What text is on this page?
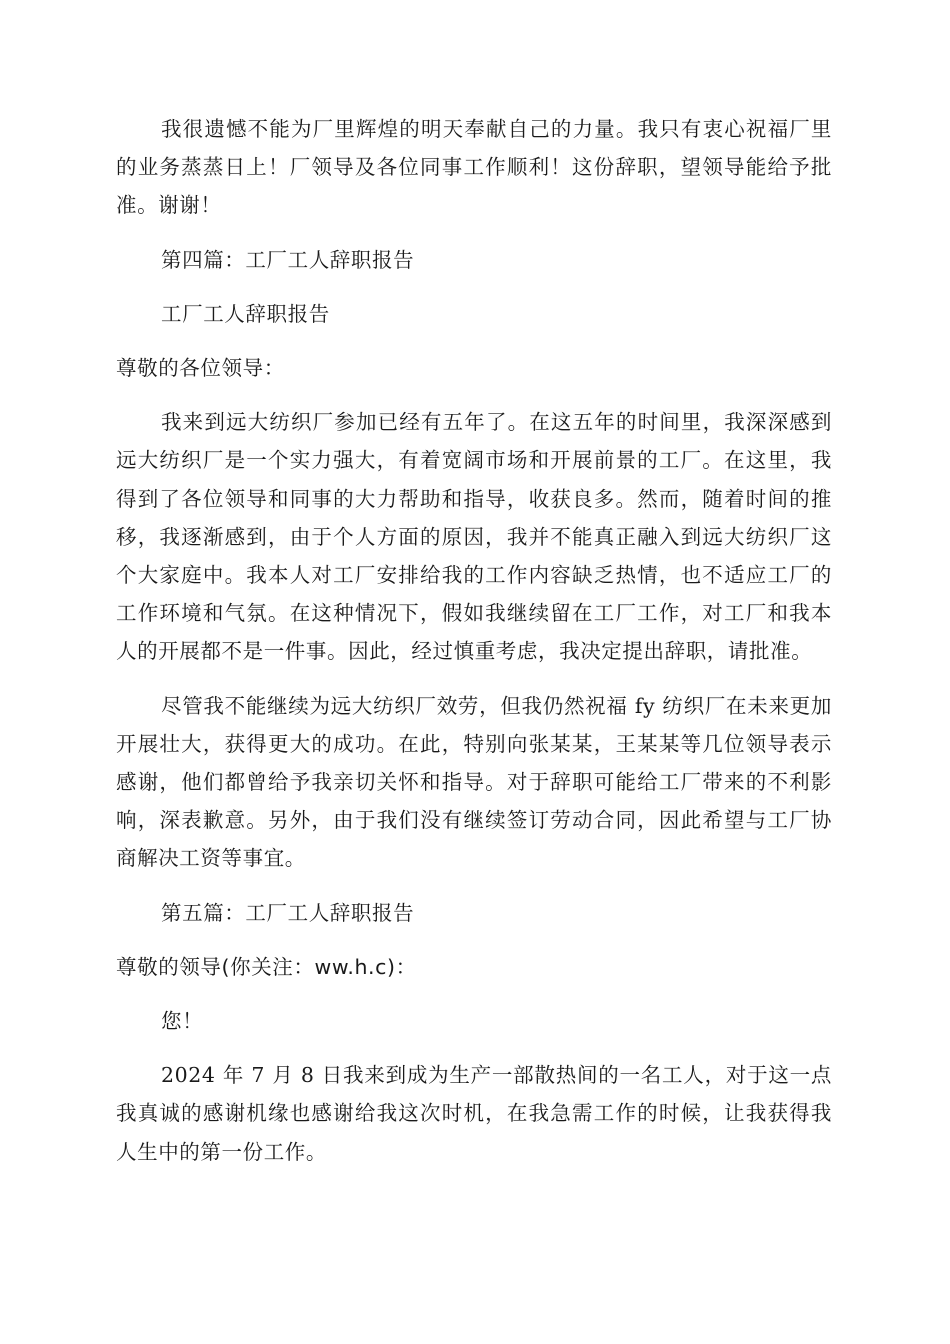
我很遗憾不能为厂里辉煌的明天奉献自己的力量。我只有衷心祝福厂里的业务蒸蒸日上！厂领导及各位同事工作顺利！这份辞职，望领导能给予批准。谢谢！

第四篇：工厂工人辞职报告

工厂工人辞职报告

尊敬的各位领导：

我来到远大纺织厂参加已经有五年了。在这五年的时间里，我深深感到远大纺织厂是一个实力强大，有着宽阔市场和开展前景的工厂。在这里，我得到了各位领导和同事的大力帮助和指导，收获良多。然而，随着时间的推移，我逐渐感到，由于个人方面的原因，我并不能真正融入到远大纺织厂这个大家庭中。我本人对工厂安排给我的工作内容缺乏热情，也不适应工厂的工作环境和气氛。在这种情况下，假如我继续留在工厂工作，对工厂和我本人的开展都不是一件事。因此，经过慎重考虑，我决定提出辞职，请批准。

尽管我不能继续为远大纺织厂效劳，但我仍然祝福 fy 纺织厂在未来更加开展壮大，获得更大的成功。在此，特别向张某某，王某某等几位领导表示感谢，他们都曾给予我亲切关怀和指导。对于辞职可能给工厂带来的不利影响，深表歉意。另外，由于我们没有继续签订劳动合同，因此希望与工厂协商解决工资等事宜。

第五篇：工厂工人辞职报告

尊敬的领导(你关注：ww.h.c)：

您！

2024 年 7 月 8 日我来到成为生产一部散热间的一名工人，对于这一点我真诚的感谢机缘也感谢给我这次时机，在我急需工作的时候，让我获得我人生中的第一份工作。
